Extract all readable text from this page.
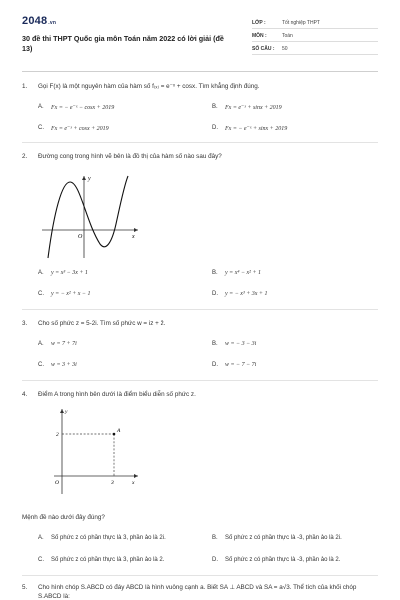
2048.vn
30 đề thi THPT Quốc gia môn Toán năm 2022 có lời giải (đề 13)
LỚP :	Tốt nghiệp THPT
MÔN :	Toán
SỐ CÂU :	50
1.	Gọi F(x) là một nguyên hàm của hàm số f₍ₓ₎ = e⁻ˣ + cosx. Tìm khẳng định đúng.
A.	Fx = − e⁻ˣ − cosx + 2019	B.	Fx = e⁻ˣ + sinx + 2019
C.	Fx = e⁻ˣ + cosx + 2019	D.	Fx = − e⁻ˣ + sinx + 2019
2.	Đường cong trong hình vẽ bên là đồ thị của hàm số nào sau đây?
y
x
O
A.	y = x³ − 3x + 1	B.	y = x⁴ − x² + 1
C.	y = − x² + x − 1	D.	y = − x³ + 3x + 1
3.	Cho số phức z = 5-2i. Tìm số phức w = iz + z̄.
A.	w = 7 + 7i	B.	w = − 3 − 3i
C.	w = 3 + 3i	D.	w = − 7 − 7i
4.	Điểm A trong hình bên dưới là điểm biểu diễn số phức z.
A
2
3
O
y
x
Mệnh đề nào dưới đây đúng?
A.	Số phức z có phần thực là 3, phần ảo là 2i.	B.	Số phức z có phần thực là -3, phần ảo là 2i.
C.	Số phức z có phần thực là 3, phần ảo là 2.	D.	Số phức z có phần thực là -3, phần ảo là 2.
5.	Cho hình chóp S.ABCD có đáy ABCD là hình vuông cạnh a. Biết SA ⊥ ABCD và SA = a√3. Thể tích của khối chóp S.ABCD là:
